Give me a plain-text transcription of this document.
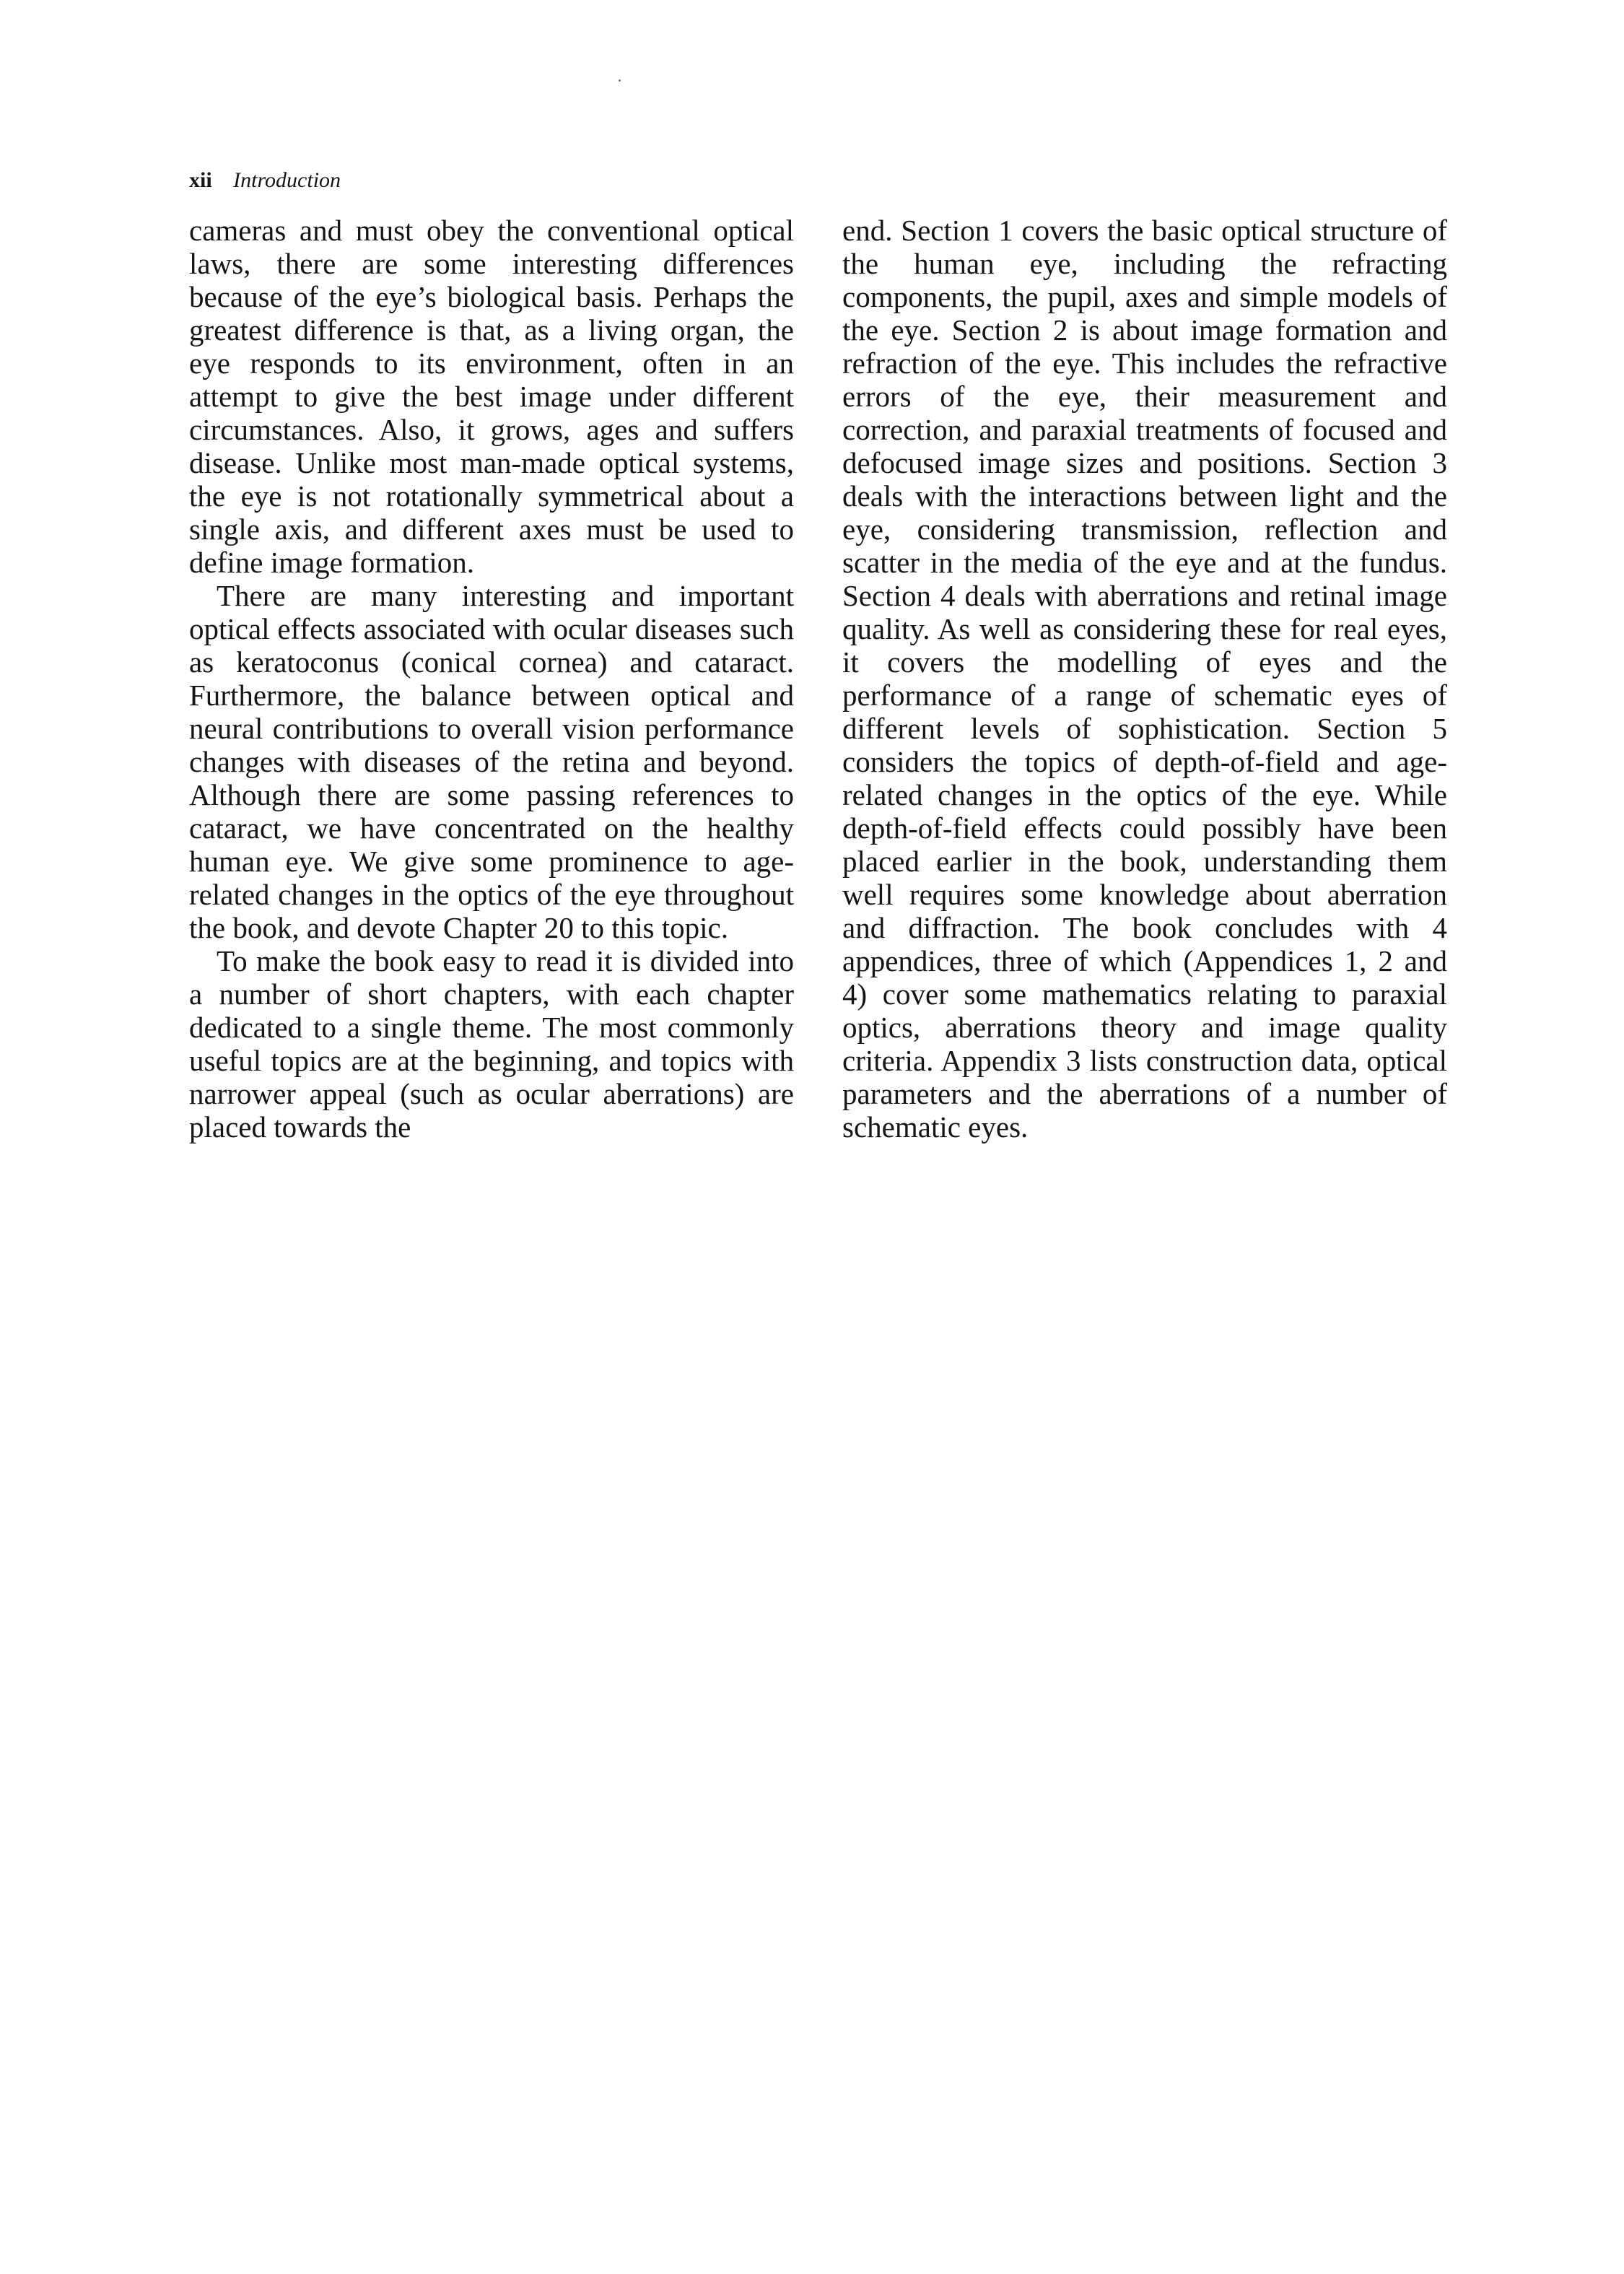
xii Introduction

cameras and must obey the conventional optical laws, there are some interesting differences because of the eye’s biological basis. Perhaps the greatest difference is that, as a living organ, the eye responds to its environment, often in an attempt to give the best image under different circumstances. Also, it grows, ages and suffers disease. Unlike most man-made optical systems, the eye is not rotationally symmetrical about a single axis, and different axes must be used to define image formation.

There are many interesting and important optical effects associated with ocular diseases such as keratoconus (conical cornea) and cataract. Furthermore, the balance between optical and neural contributions to overall vision performance changes with diseases of the retina and beyond. Although there are some passing references to cataract, we have concentrated on the healthy human eye. We give some prominence to age-related changes in the optics of the eye throughout the book, and devote Chapter 20 to this topic.

To make the book easy to read it is divided into a number of short chapters, with each chapter dedicated to a single theme. The most commonly useful topics are at the beginning, and topics with narrower appeal (such as ocular aberrations) are placed towards the

end. Section 1 covers the basic optical structure of the human eye, including the refracting components, the pupil, axes and simple models of the eye. Section 2 is about image formation and refraction of the eye. This includes the refractive errors of the eye, their measurement and correction, and paraxial treatments of focused and defocused image sizes and positions. Section 3 deals with the interactions between light and the eye, considering transmission, reflection and scatter in the media of the eye and at the fundus. Section 4 deals with aberrations and retinal image quality. As well as considering these for real eyes, it covers the modelling of eyes and the performance of a range of schematic eyes of different levels of sophistication. Section 5 considers the topics of depth-of-field and age-related changes in the optics of the eye. While depth-of-field effects could possibly have been placed earlier in the book, understanding them well requires some knowledge about aberration and diffraction. The book concludes with 4 appendices, three of which (Appendices 1, 2 and 4) cover some mathematics relating to paraxial optics, aberrations theory and image quality criteria. Appendix 3 lists construction data, optical parameters and the aberrations of a number of schematic eyes.
